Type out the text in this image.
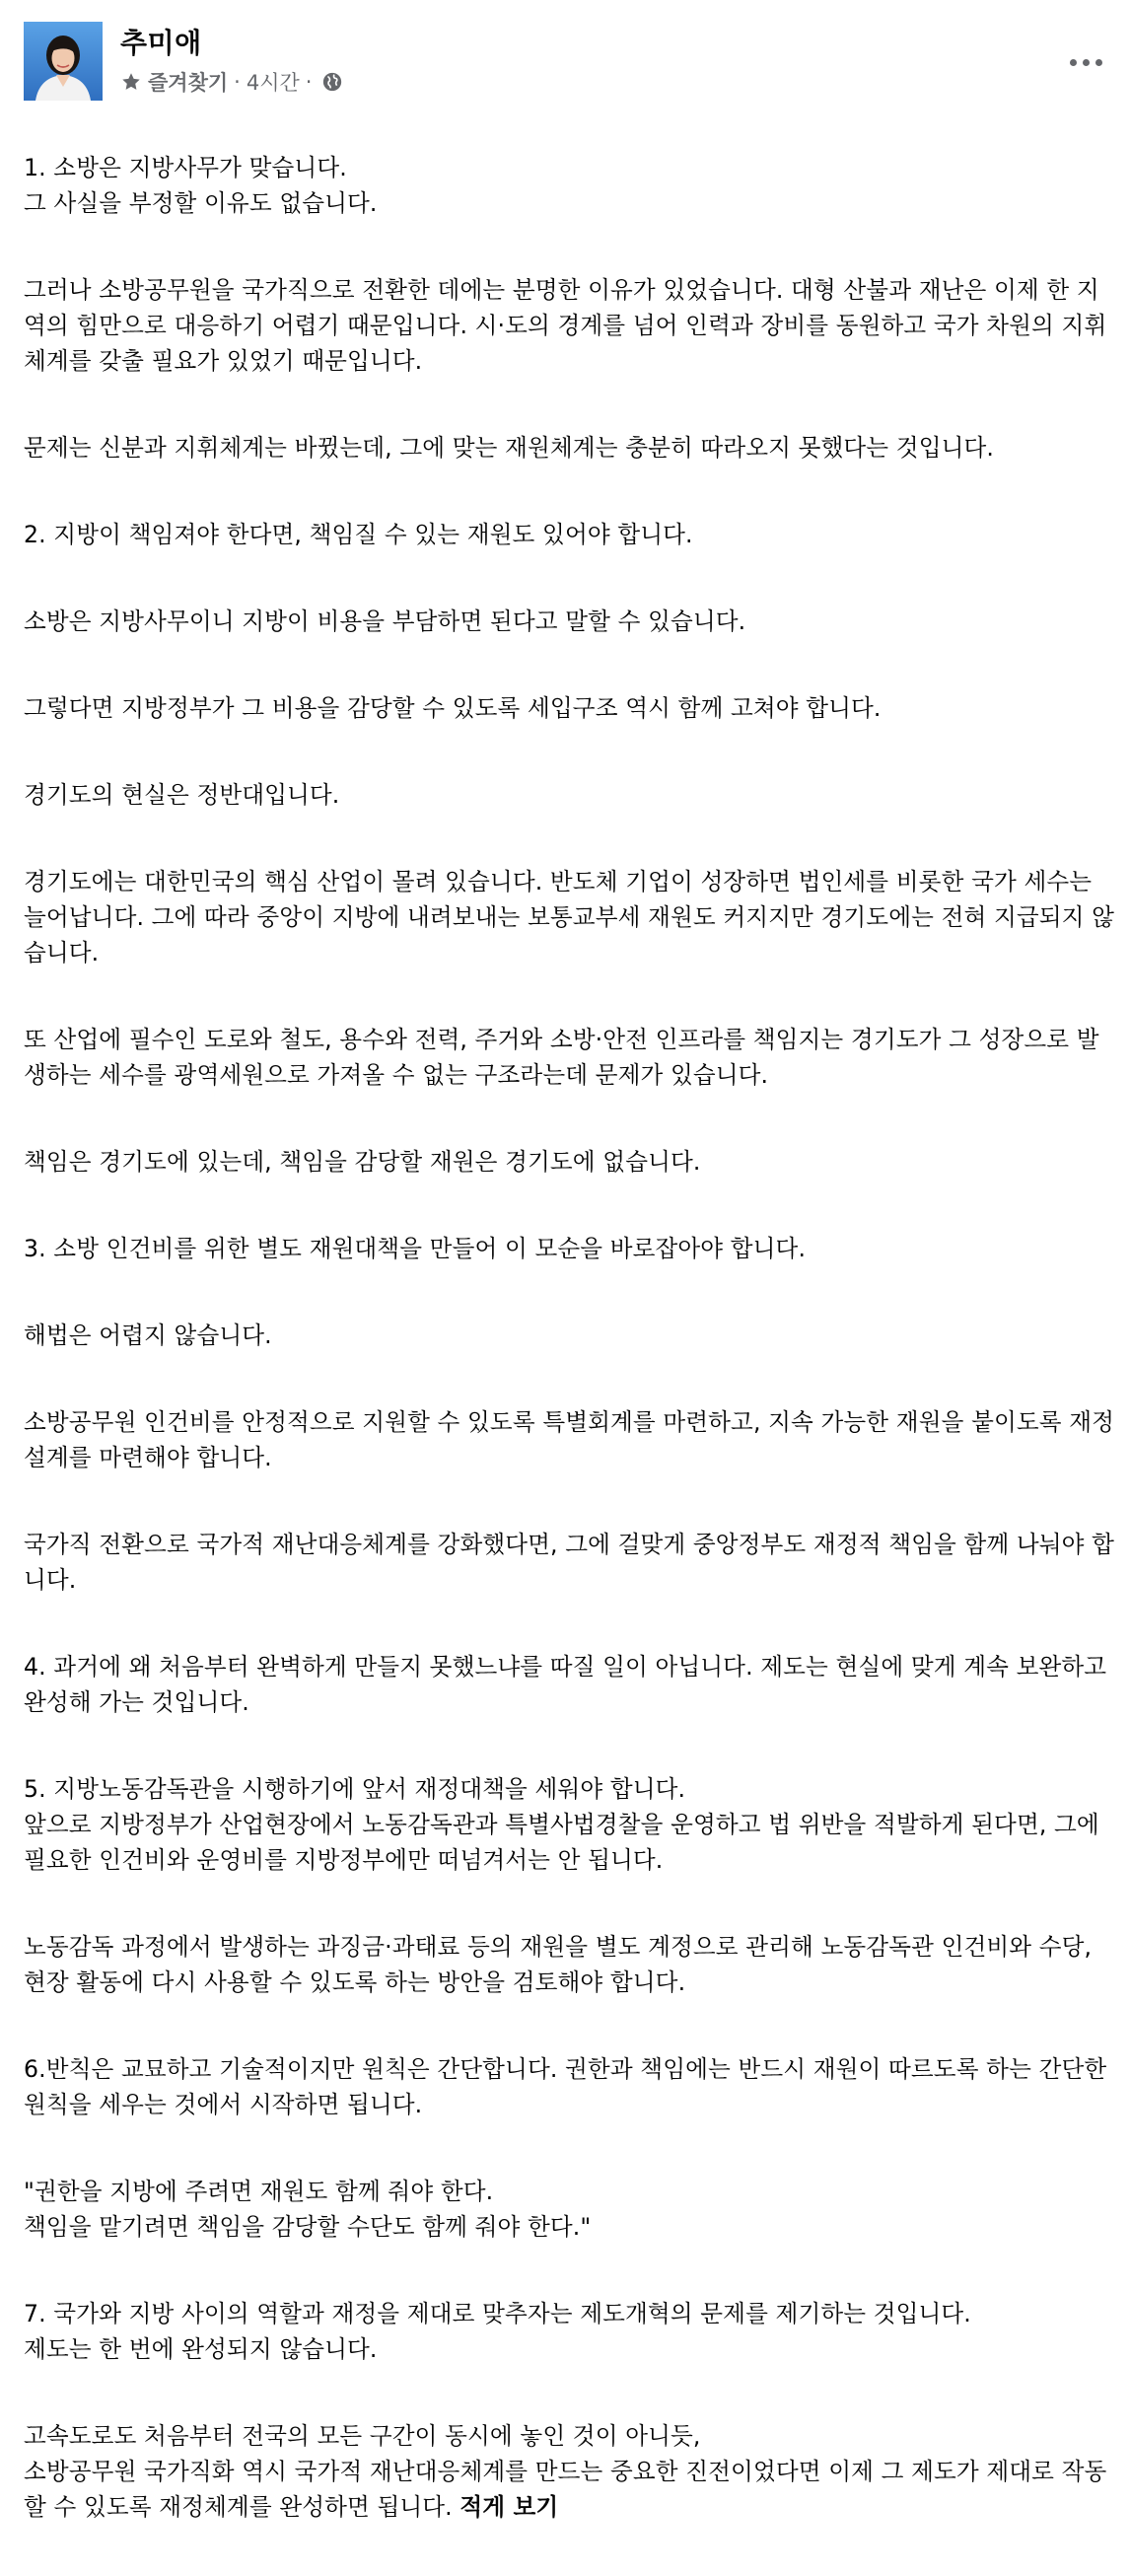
추미애
즐겨찾기 · 4시간 ·

1. 소방은 지방사무가 맞습니다.
그 사실을 부정할 이유도 없습니다.

그러나 소방공무원을 국가직으로 전환한 데에는 분명한 이유가 있었습니다. 대형 산불과 재난은 이제 한 지역의 힘만으로 대응하기 어렵기 때문입니다. 시·도의 경계를 넘어 인력과 장비를 동원하고 국가 차원의 지휘체계를 갖출 필요가 있었기 때문입니다.

문제는 신분과 지휘체계는 바뀠는데, 그에 맞는 재원체계는 충분히 따라오지 못했다는 것입니다.

2. 지방이 책임져야 한다면, 책임질 수 있는 재원도 있어야 합니다.

소방은 지방사무이니 지방이 비용을 부담하면 된다고 말할 수 있습니다.

그렇다면 지방정부가 그 비용을 감당할 수 있도록 세입구조 역시 함께 고쳐야 합니다.

경기도의 현실은 정반대입니다.

경기도에는 대한민국의 핵심 산업이 몰려 있습니다. 반도체 기업이 성장하면 법인세를 비롯한 국가 세수는 늘어납니다. 그에 따라 중앙이 지방에 내려보내는 보통교부세 재원도 커지지만 경기도에는 전혀 지급되지 않습니다.

또 산업에 필수인 도로와 철도, 용수와 전력, 주거와 소방·안전 인프라를 책임지는 경기도가 그 성장으로 발생하는 세수를 광역세원으로 가져올 수 없는 구조라는데 문제가 있습니다.

책임은 경기도에 있는데, 책임을 감당할 재원은 경기도에 없습니다.

3. 소방 인건비를 위한 별도 재원대책을 만들어 이 모순을 바로잡아야 합니다.

해법은 어렵지 않습니다.

소방공무원 인건비를 안정적으로 지원할 수 있도록 특별회계를 마련하고, 지속 가능한 재원을 붙이도록 재정설계를 마련해야 합니다.

국가직 전환으로 국가적 재난대응체계를 강화했다면, 그에 걸맞게 중앙정부도 재정적 책임을 함께 나눠야 합니다.

4. 과거에 왜 처음부터 완벽하게 만들지 못했느냐를 따질 일이 아닙니다. 제도는 현실에 맞게 계속 보완하고 완성해 가는 것입니다.

5. 지방노동감독관을 시행하기에 앞서 재정대책을 세워야 합니다.
앞으로 지방정부가 산업현장에서 노동감독관과 특별사법경찰을 운영하고 법 위반을 적발하게 된다면, 그에 필요한 인건비와 운영비를 지방정부에만 떠넘겨서는 안 됩니다.

노동감독 과정에서 발생하는 과징금·과태료 등의 재원을 별도 계정으로 관리해 노동감독관 인건비와 수당, 현장 활동에 다시 사용할 수 있도록 하는 방안을 검토해야 합니다.

6.반칙은 교묘하고 기술적이지만 원칙은 간단합니다. 권한과 책임에는 반드시 재원이 따르도록 하는 간단한 원칙을 세우는 것에서 시작하면 됩니다.

"권한을 지방에 주려면 재원도 함께 줘야 한다.
책임을 맡기려면 책임을 감당할 수단도 함께 줘야 한다."

7. 국가와 지방 사이의 역할과 재정을 제대로 맞추자는 제도개혁의 문제를 제기하는 것입니다.
제도는 한 번에 완성되지 않습니다.

고속도로도 처음부터 전국의 모든 구간이 동시에 놓인 것이 아니듯,
소방공무원 국가직화 역시 국가적 재난대응체계를 만드는 중요한 진전이었다면 이제 그 제도가 제대로 작동할 수 있도록 재정체계를 완성하면 됩니다. 적게 보기
